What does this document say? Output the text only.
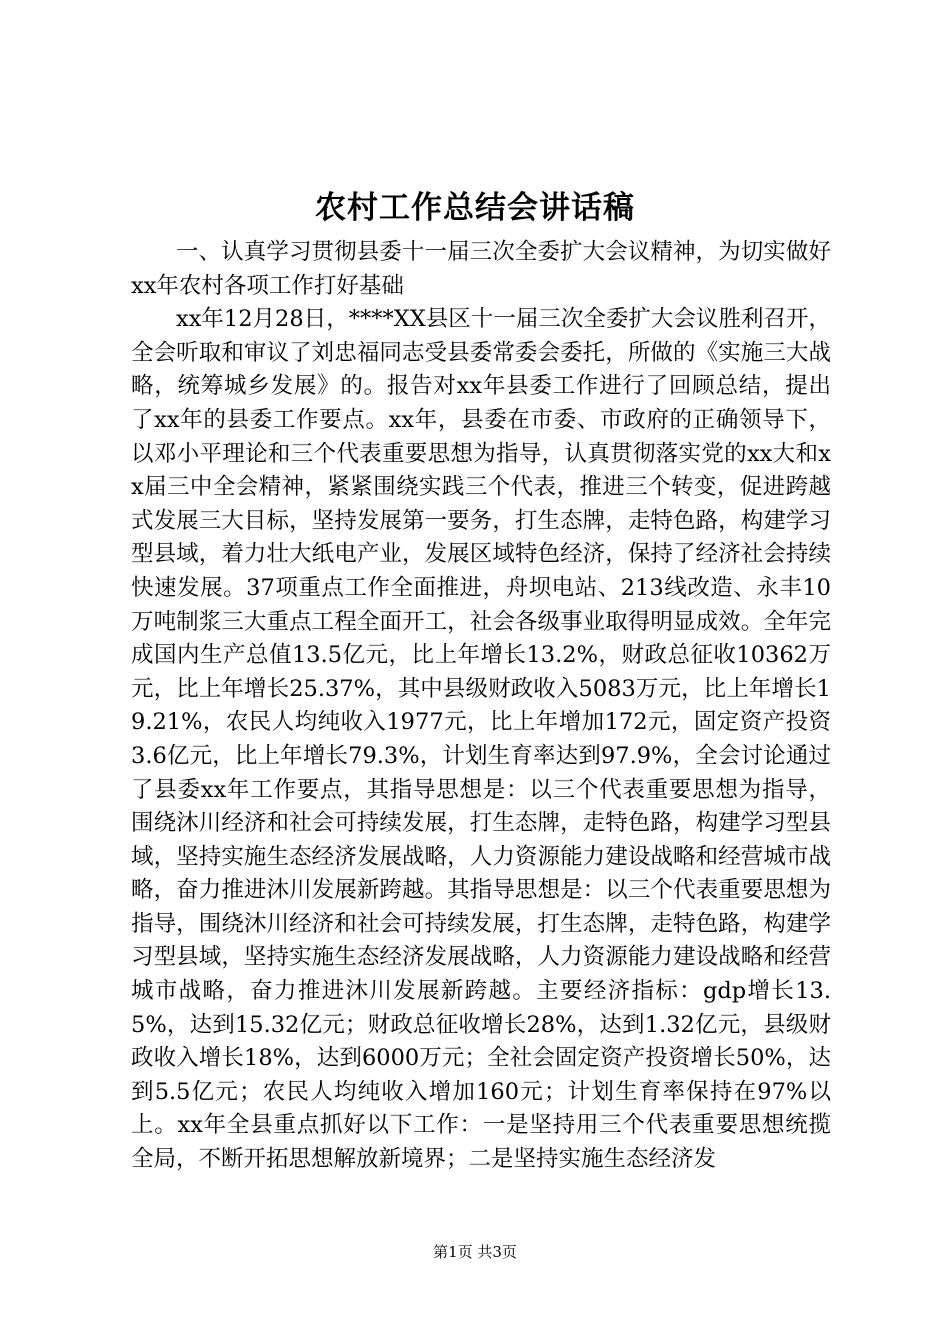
农村工作总结会讲话稿

一、认真学习贯彻县委十一届三次全委扩大会议精神，为切实做好xx年农村各项工作打好基础

xx年12月28日，****XX县区十一届三次全委扩大会议胜利召开，全会听取和审议了刘忠福同志受县委常委会委托，所做的《实施三大战略，统筹城乡发展》的。报告对xx年县委工作进行了回顾总结，提出了xx年的县委工作要点。xx年，县委在市委、市政府的正确领导下，以邓小平理论和三个代表重要思想为指导，认真贯彻落实党的xx大和xx届三中全会精神，紧紧围绕实践三个代表，推进三个转变，促进跨越式发展三大目标，坚持发展第一要务，打生态牌，走特色路，构建学习型县域，着力壮大纸电产业，发展区域特色经济，保持了经济社会持续快速发展。37项重点工作全面推进，舟坝电站、213线改造、永丰10万吨制浆三大重点工程全面开工，社会各级事业取得明显成效。全年完成国内生产总值13.5亿元，比上年增长13.2%，财政总征收10362万元，比上年增长25.37%，其中县级财政收入5083万元，比上年增长19.21%，农民人均纯收入1977元，比上年增加172元，固定资产投资3.6亿元，比上年增长79.3%，计划生育率达到97.9%，全会讨论通过了县委xx年工作要点，其指导思想是：以三个代表重要思想为指导，围绕沐川经济和社会可持续发展，打生态牌，走特色路，构建学习型县域，坚持实施生态经济发展战略，人力资源能力建设战略和经营城市战略，奋力推进沐川发展新跨越。其指导思想是：以三个代表重要思想为指导，围绕沐川经济和社会可持续发展，打生态牌，走特色路，构建学习型县域，坚持实施生态经济发展战略，人力资源能力建设战略和经营城市战略，奋力推进沐川发展新跨越。主要经济指标：gdp增长13.5%，达到15.32亿元；财政总征收增长28%，达到1.32亿元，县级财政收入增长18%，达到6000万元；全社会固定资产投资增长50%，达到5.5亿元；农民人均纯收入增加160元；计划生育率保持在97%以上。xx年全县重点抓好以下工作：一是坚持用三个代表重要思想统揽全局，不断开拓思想解放新境界；二是坚持实施生态经济发

第1页 共3页
